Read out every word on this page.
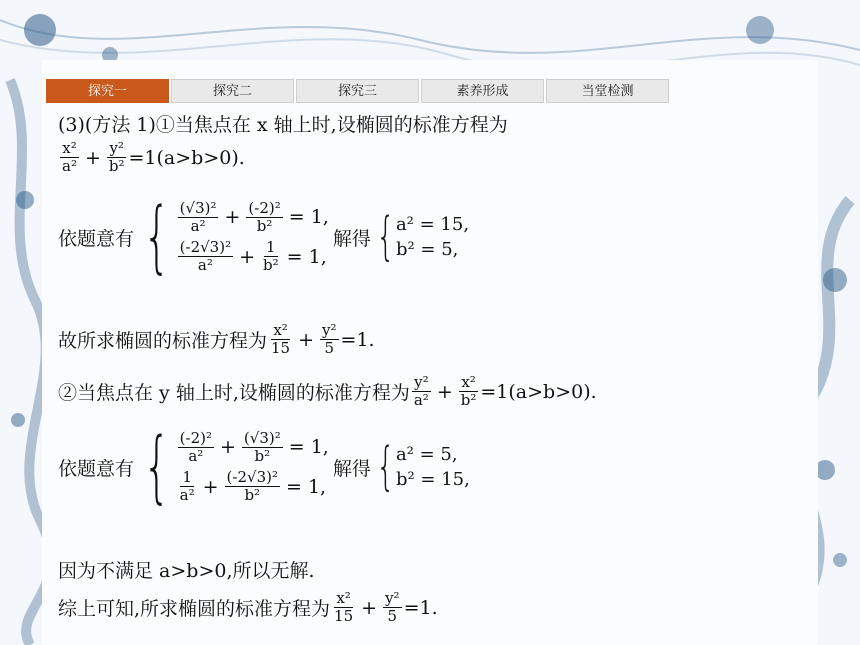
探究一	探究二	探究三	素养形成	当堂检测
(3)(方法 1)①当焦点在 x 轴上时,设椭圆的标准方程为
$\frac{\text{x²}}{\text{a²}} + \frac{\text{y²}}{\text{b²}} =1(a>b>0)$.
依题意有 { $\frac{\text{(√3)²}}{\text{a²}} + \frac{\text{(-2)²}}{\text{b²}} = 1$,
$\frac{\text{(-2√3)²}}{\text{a²}} + \frac{1}{\text{b²}} = 1$,
解得 { a² = 15,
b² = 5,
故所求椭圆的标准方程为 $\frac{\text{x²}}{15} + \frac{\text{y²}}{5} =1$.
②当焦点在 y 轴上时,设椭圆的标准方程为 $\frac{\text{y²}}{\text{a²}} + \frac{\text{x²}}{\text{b²}} =1(a>b>0)$.
依题意有 { $\frac{\text{(-2)²}}{\text{a²}} + \frac{\text{(√3)²}}{\text{b²}} = 1$,
$\frac{1}{\text{a²}} + \frac{\text{(-2√3)²}}{\text{b²}} = 1$,
解得 { a² = 5,
b² = 15,
因为不满足 a>b>0,所以无解.
综上可知,所求椭圆的标准方程为 $\frac{\text{x²}}{15} + \frac{\text{y²}}{5} =1$.
